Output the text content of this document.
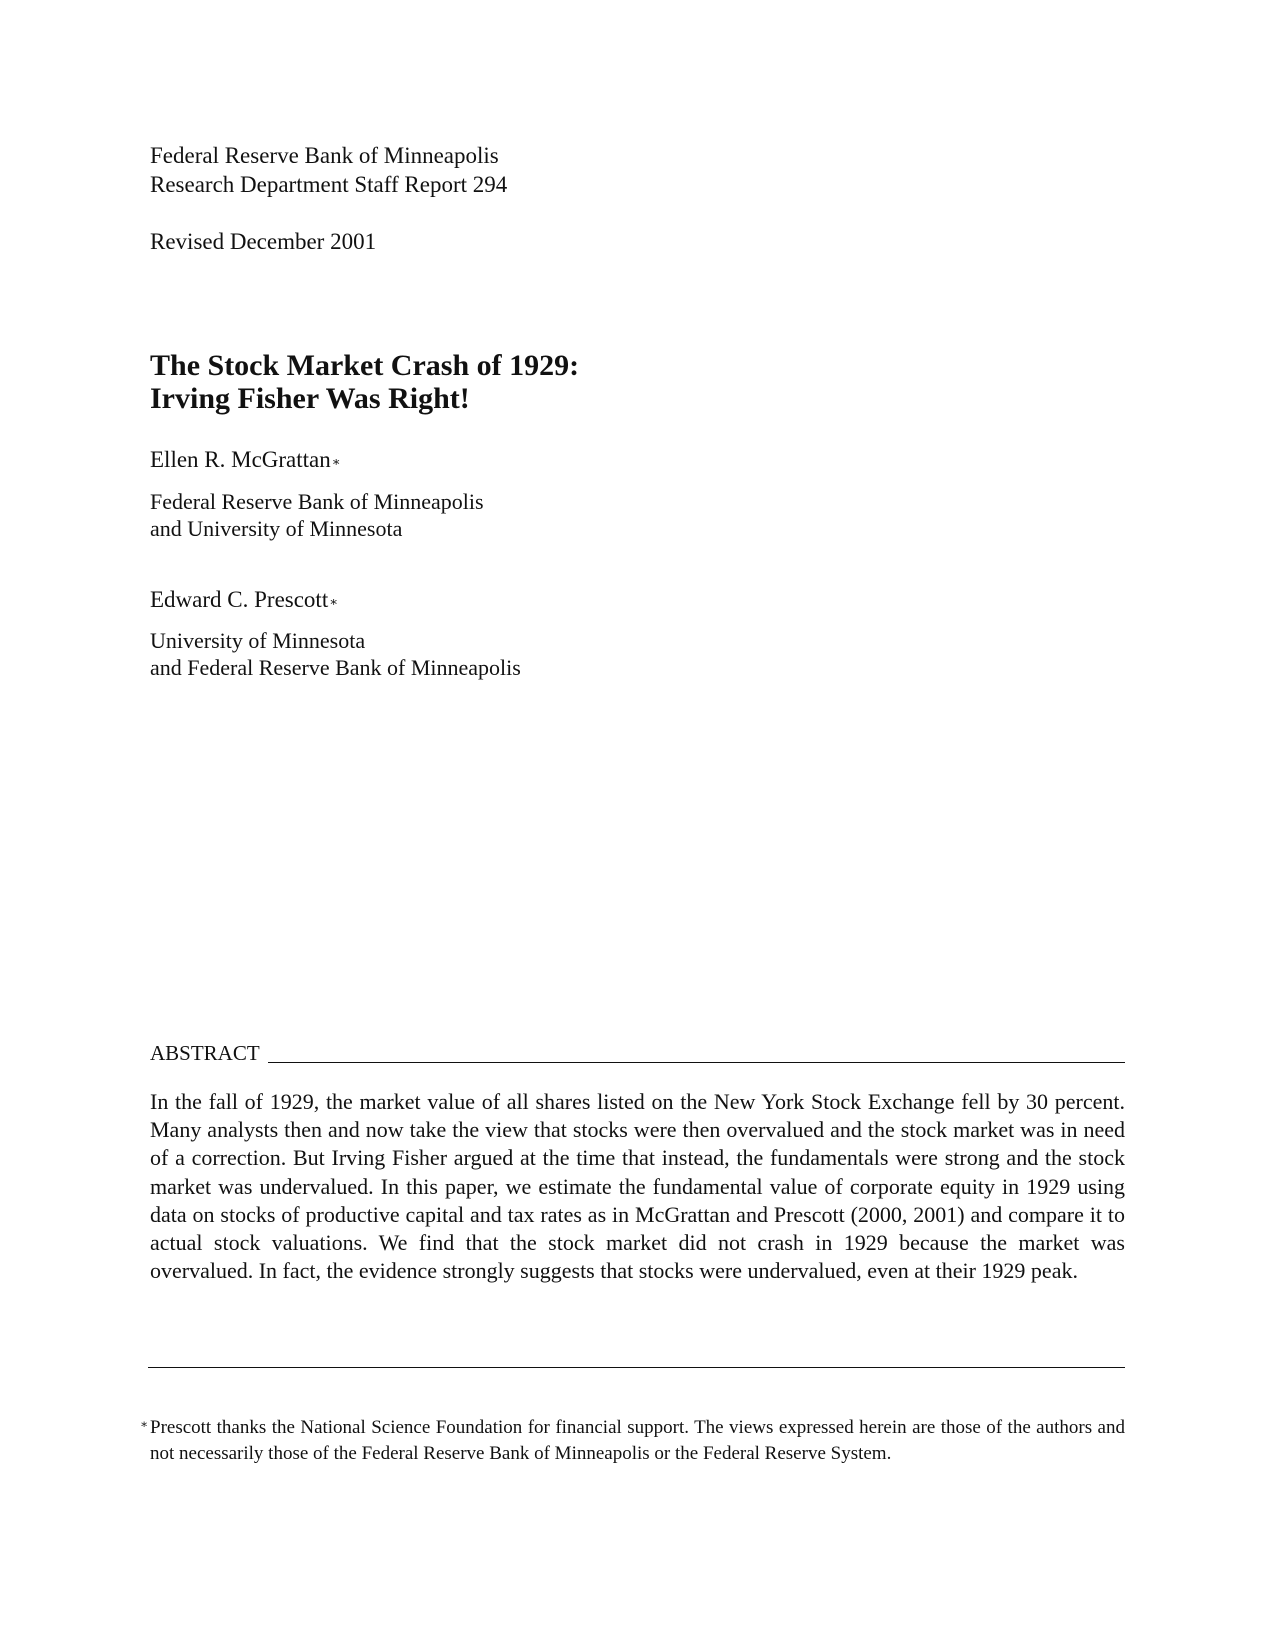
Federal Reserve Bank of Minneapolis
Research Department Staff Report 294
Revised December 2001
The Stock Market Crash of 1929:
Irving Fisher Was Right!
Ellen R. McGrattan∗
Federal Reserve Bank of Minneapolis
and University of Minnesota
Edward C. Prescott∗
University of Minnesota
and Federal Reserve Bank of Minneapolis
ABSTRACT

In the fall of 1929, the market value of all shares listed on the New York Stock Exchange fell by 30 percent. Many analysts then and now take the view that stocks were then overvalued and the stock market was in need of a correction. But Irving Fisher argued at the time that instead, the fundamentals were strong and the stock market was undervalued. In this paper, we estimate the fundamental value of corporate equity in 1929 using data on stocks of productive capital and tax rates as in McGrattan and Prescott (2000, 2001) and compare it to actual stock valuations. We find that the stock market did not crash in 1929 because the market was overvalued. In fact, the evidence strongly suggests that stocks were undervalued, even at their 1929 peak.

∗ Prescott thanks the National Science Foundation for financial support. The views expressed herein are those of the authors and not necessarily those of the Federal Reserve Bank of Minneapolis or the Federal Reserve System.
